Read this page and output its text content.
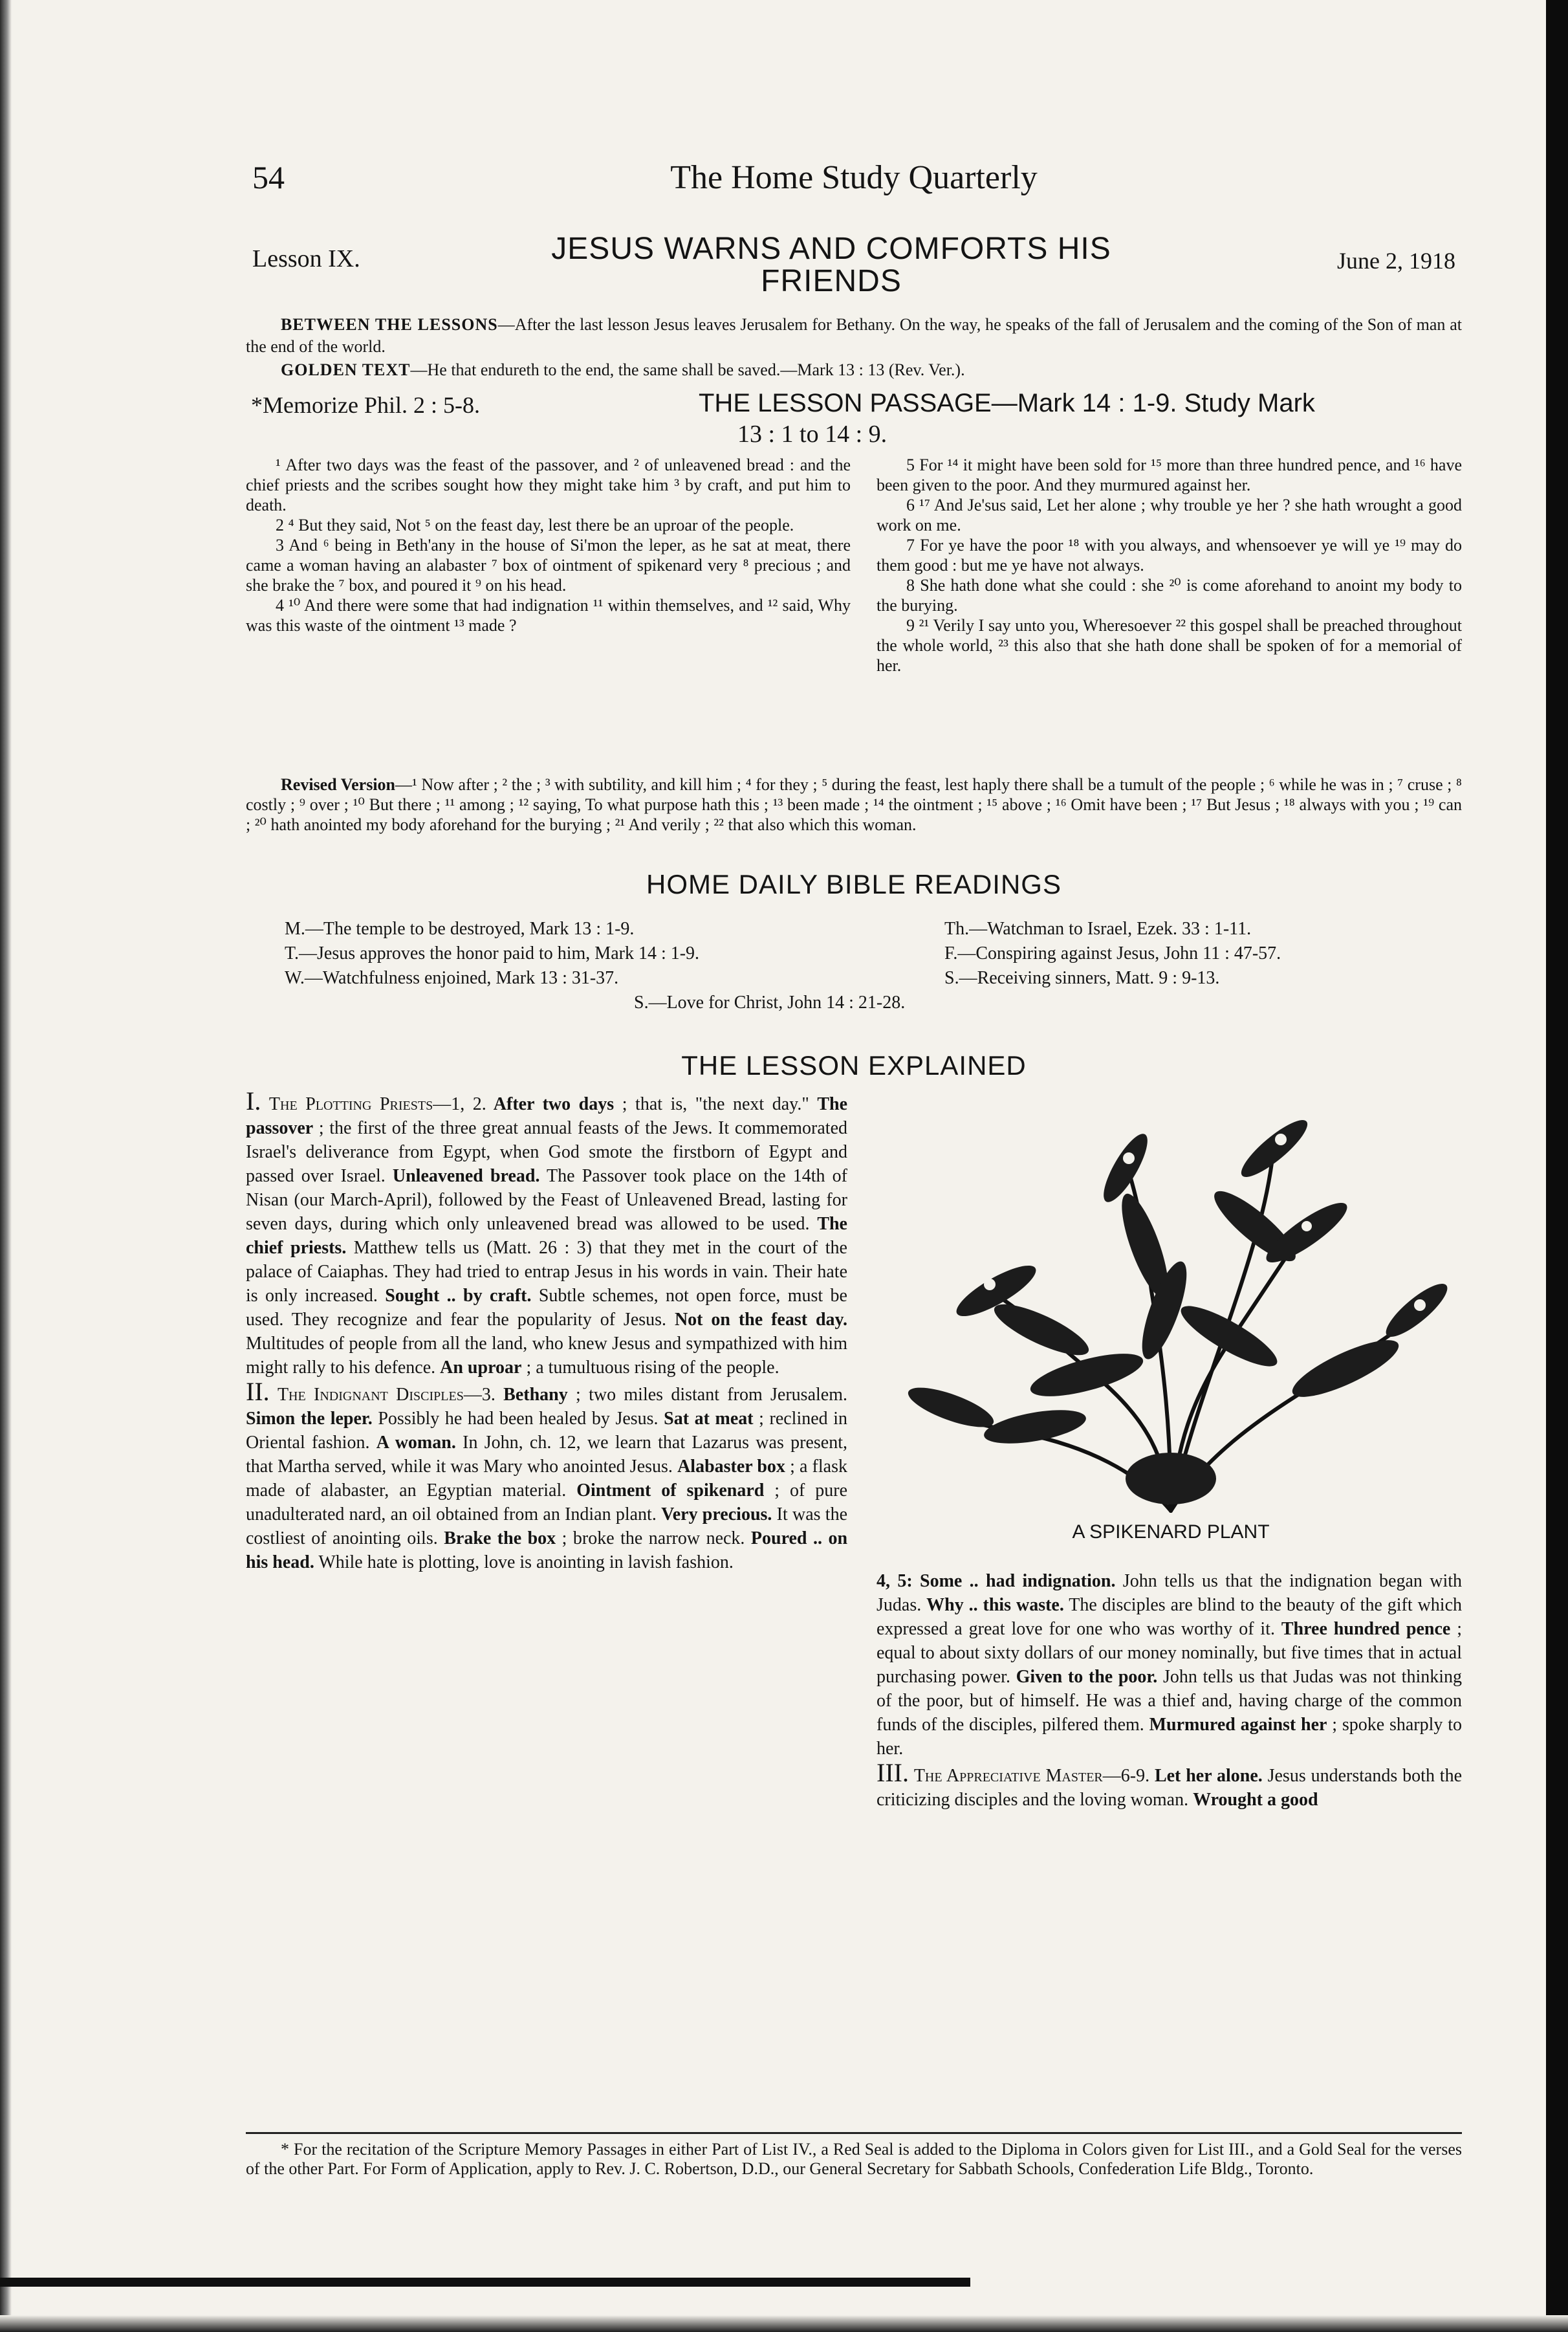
54	The Home Study Quarterly
Lesson IX.	JESUS WARNS AND COMFORTS HIS FRIENDS
June 2, 1918
BETWEEN THE LESSONS—After the last lesson Jesus leaves Jerusalem for Bethany. On the way, he speaks of the fall of Jerusalem and the coming of the Son of man at the end of the world.
GOLDEN TEXT—He that endureth to the end, the same shall be saved.—Mark 13 : 13 (Rev. Ver.).
*Memorize Phil. 2 : 5-8.	THE LESSON PASSAGE—Mark 14 : 1-9. Study Mark
13 : 1 to 14 : 9.

¹ After two days was the feast of the passover, and ² of unleavened bread : and the chief priests and the scribes sought how they might take him ³ by craft, and put him to death.

2 ⁴ But they said, Not ⁵ on the feast day, lest there be an uproar of the people.

3 And ⁶ being in Beth'any in the house of Si'mon the leper, as he sat at meat, there came a woman having an alabaster ⁷ box of ointment of spikenard very ⁸ precious ; and she brake the ⁷ box, and poured it ⁹ on his head.

4 ¹⁰ And there were some that had indignation ¹¹ within themselves, and ¹² said, Why was this waste of the ointment ¹³ made ?

5 For ¹⁴ it might have been sold for ¹⁵ more than three hundred pence, and ¹⁶ have been given to the poor. And they murmured against her.

6 ¹⁷ And Je'sus said, Let her alone ; why trouble ye her ? she hath wrought a good work on me.

7 For ye have the poor ¹⁸ with you always, and whensoever ye will ye ¹⁹ may do them good : but me ye have not always.

8 She hath done what she could : she ²⁰ is come aforehand to anoint my body to the burying.

9 ²¹ Verily I say unto you, Wheresoever ²² this gospel shall be preached throughout the whole world, ²³ this also that she hath done shall be spoken of for a memorial of her.

Revised Version—¹ Now after ; ² the ; ³ with subtility, and kill him ; ⁴ for they ; ⁵ during the feast, lest haply there shall be a tumult of the people ; ⁶ while he was in ; ⁷ cruse ; ⁸ costly ; ⁹ over ; ¹⁰ But there ; ¹¹ among ; ¹² saying, To what purpose hath this ; ¹³ been made ; ¹⁴ the ointment ; ¹⁵ above ; ¹⁶ Omit have been ; ¹⁷ But Jesus ; ¹⁸ always with you ; ¹⁹ can ; ²⁰ hath anointed my body aforehand for the burying ; ²¹ And verily ; ²² that also which this woman.
HOME DAILY BIBLE READINGS
M.—The temple to be destroyed, Mark 13 : 1-9.	Th.—Watchman to Israel, Ezek. 33 : 1-11.
T.—Jesus approves the honor paid to him, Mark 14 : 1-9.	F.—Conspiring against Jesus, John 11 : 47-57.
W.—Watchfulness enjoined, Mark 13 : 31-37.	S.—Receiving sinners, Matt. 9 : 9-13.
S.—Love for Christ, John 14 : 21-28.
THE LESSON EXPLAINED

I. The Plotting Priests—1, 2. After two days ; that is, "the next day." The passover ; the first of the three great annual feasts of the Jews. It commemorated Israel's deliverance from Egypt, when God smote the firstborn of Egypt and passed over Israel. Unleavened bread. The Passover took place on the 14th of Nisan (our March-April), followed by the Feast of Unleavened Bread, lasting for seven days, during which only unleavened bread was allowed to be used. The chief priests. Matthew tells us (Matt. 26 : 3) that they met in the court of the palace of Caiaphas. They had tried to entrap Jesus in his words in vain. Their hate is only increased. Sought .. by craft. Subtle schemes, not open force, must be used. They recognize and fear the popularity of Jesus. Not on the feast day. Multitudes of people from all the land, who knew Jesus and sympathized with him might rally to his defence. An uproar ; a tumultuous rising of the people.

II. The Indignant Disciples—3. Bethany ; two miles distant from Jerusalem. Simon the leper. Possibly he had been healed by Jesus. Sat at meat ; reclined in Oriental fashion. A woman. In John, ch. 12, we learn that Lazarus was present, that Martha served, while it was Mary who anointed Jesus. Alabaster box ; a flask made of alabaster, an Egyptian material. Ointment of spikenard ; of pure unadulterated nard, an oil obtained from an Indian plant. Very precious. It was the costliest of anointing oils. Brake the box ; broke the narrow neck. Poured .. on his head. While hate is plotting, love is anointing in lavish fashion.

A SPIKENARD PLANT

4, 5: Some .. had indignation. John tells us that the indignation began with Judas. Why .. this waste. The disciples are blind to the beauty of the gift which expressed a great love for one who was worthy of it. Three hundred pence ; equal to about sixty dollars of our money nominally, but five times that in actual purchasing power. Given to the poor. John tells us that Judas was not thinking of the poor, but of himself. He was a thief and, having charge of the common funds of the disciples, pilfered them. Murmured against her ; spoke sharply to her.

III. The Appreciative Master—6-9. Let her alone. Jesus understands both the criticizing disciples and the loving woman. Wrought a good

* For the recitation of the Scripture Memory Passages in either Part of List IV., a Red Seal is added to the Diploma in Colors given for List III., and a Gold Seal for the verses of the other Part. For Form of Application, apply to Rev. J. C. Robertson, D.D., our General Secretary for Sabbath Schools, Confederation Life Bldg., Toronto.
